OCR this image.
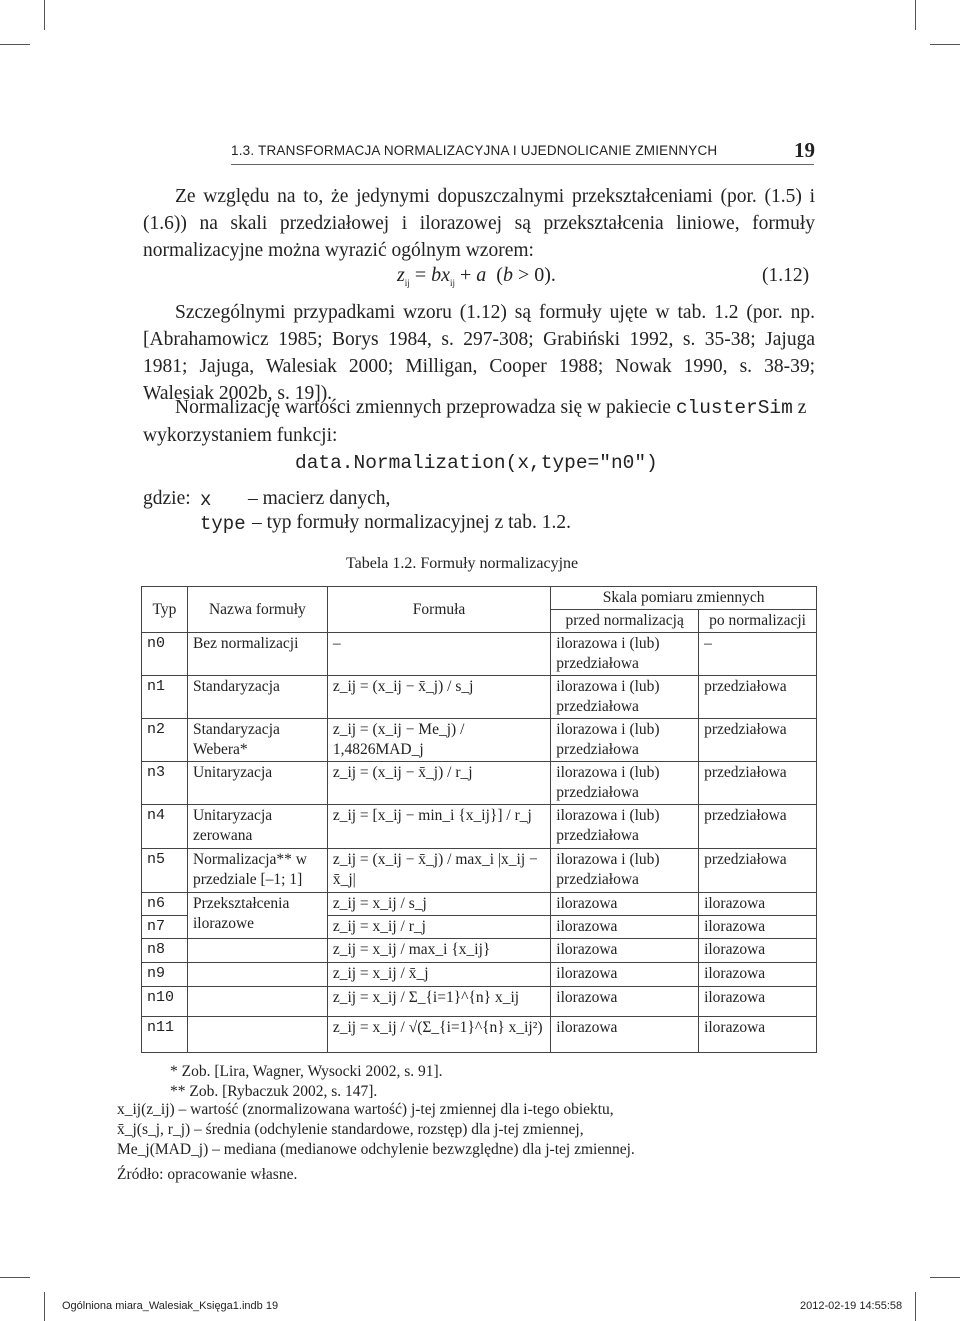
1.3. TRANSFORMACJA NORMALIZACYJNA I UJEDNOLICANIE ZMIENNYCH	19
Ze względu na to, że jedynymi dopuszczalnymi przekształceniami (por. (1.5) i (1.6)) na skali przedziałowej i ilorazowej są przekształcenia liniowe, formuły normalizacyjne można wyrazić ogólnym wzorem:
$z_{ij} = bx_{ij} + a$  (b > 0).	(1.12)
Szczególnymi przypadkami wzoru (1.12) są formuły ujęte w tab. 1.2 (por. np. [Abrahamowicz 1985; Borys 1984, s. 297-308; Grabiński 1992, s. 35-38; Jajuga 1981; Jajuga, Walesiak 2000; Milligan, Cooper 1988; Nowak 1990, s. 38-39; Walesiak 2002b, s. 19]).
Normalizację wartości zmiennych przeprowadza się w pakiecie clusterSim z wykorzystaniem funkcji:
data.Normalization(x,type="n0")
gdzie: x – macierz danych,
type – typ formuły normalizacyjnej z tab. 1.2.
Tabela 1.2. Formuły normalizacyjne
Typ	Nazwa formuły	Formuła	Skala pomiaru zmiennych	
			przed normalizacją	po normalizacji
n0	Bez normalizacji	–	ilorazowa i (lub) przedziałowa	–
n1	Standaryzacja	z_ij = (x_ij − x̄_j) / s_j	ilorazowa i (lub) przedziałowa	przedziałowa
n2	Standaryzacja Webera*	z_ij = (x_ij − Me_j) / 1,4826MAD_j	ilorazowa i (lub) przedziałowa	przedziałowa
n3	Unitaryzacja	z_ij = (x_ij − x̄_j) / r_j	ilorazowa i (lub) przedziałowa	przedziałowa
n4	Unitaryzacja zerowana	z_ij = [x_ij − min_i {x_ij}] / r_j	ilorazowa i (lub) przedziałowa	przedziałowa
n5	Normalizacja** w przedziale [–1; 1]	z_ij = (x_ij − x̄_j) / max_i |x_ij − x̄_j|	ilorazowa i (lub) przedziałowa	przedziałowa
n6	Przekształcenia ilorazowe	z_ij = x_ij / s_j	ilorazowa	ilorazowa
n7		z_ij = x_ij / r_j	ilorazowa	ilorazowa
n8		z_ij = x_ij / max_i {x_ij}	ilorazowa	ilorazowa
n9		z_ij = x_ij / x̄_j	ilorazowa	ilorazowa
n10		z_ij = x_ij / Σ_{i=1}^{n} x_ij	ilorazowa	ilorazowa
n11		z_ij = x_ij / √(Σ_{i=1}^{n} x_ij²)	ilorazowa	ilorazowa
* Zob. [Lira, Wagner, Wysocki 2002, s. 91].
** Zob. [Rybaczuk 2002, s. 147].
x_ij(z_ij) – wartość (znormalizowana wartość) j-tej zmiennej dla i-tego obiektu,
x̄_j(s_j, r_j) – średnia (odchylenie standardowe, rozstęp) dla j-tej zmiennej,
Me_j(MAD_j) – mediana (medianowe odchylenie bezwzględne) dla j-tej zmiennej.
Źródło: opracowanie własne.
Ogólniona miara_Walesiak_Księga1.indb 19	2012-02-19 14:55:58
